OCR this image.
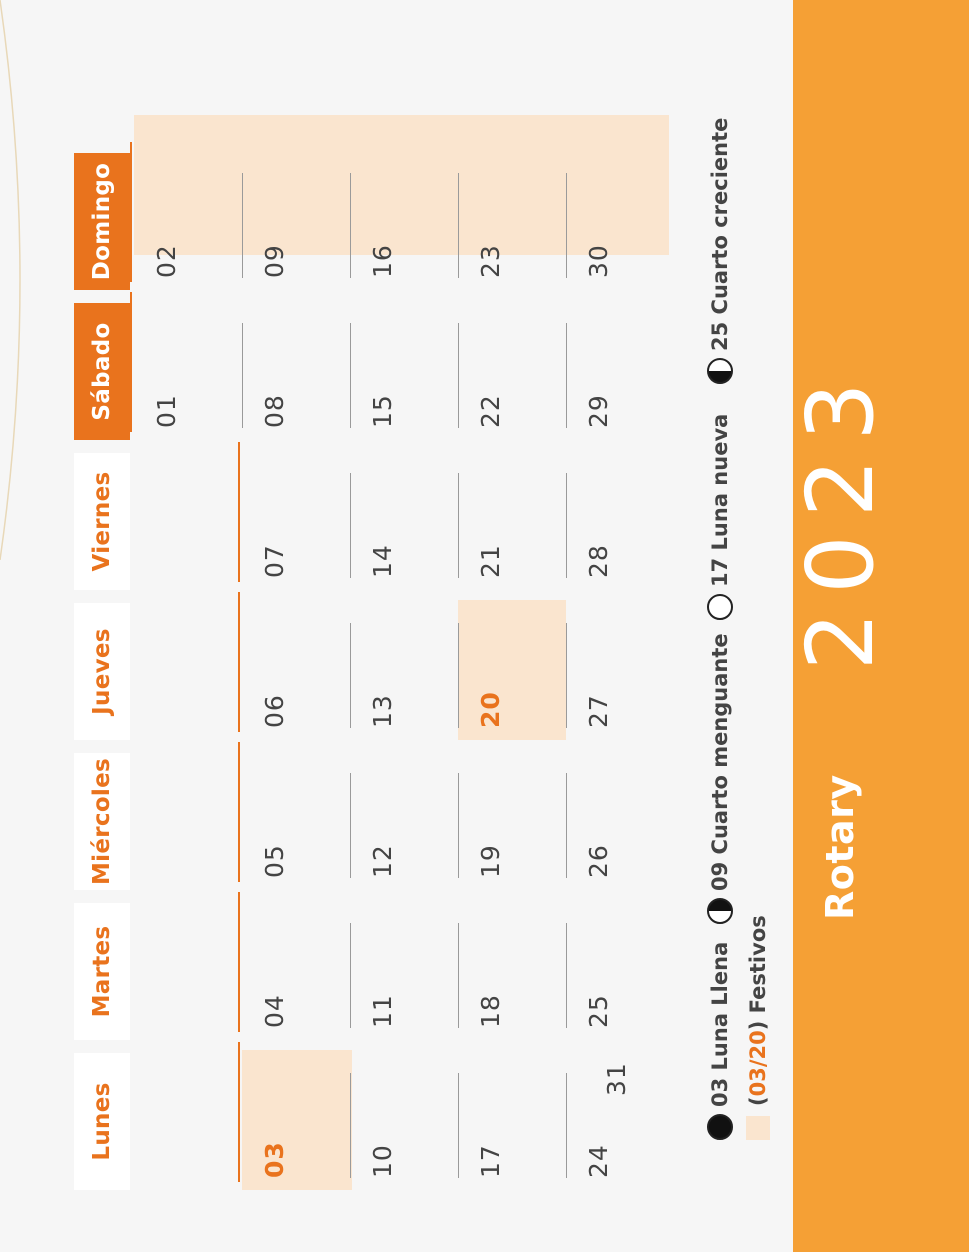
Lunes
Martes
Miércoles
Jueves
Viernes
Sábado
Domingo
01
02
03
04
05
06
07
08
09
10
11
12
13
14
15
16
17
18
19
20
21
22
23
24
25
26
27
28
29
30
31	03 Luna Llena
09 Cuarto menguante
17 Luna nueva
25 Cuarto creciente
(
03
/
20
) Festivos
Rotary
2023
